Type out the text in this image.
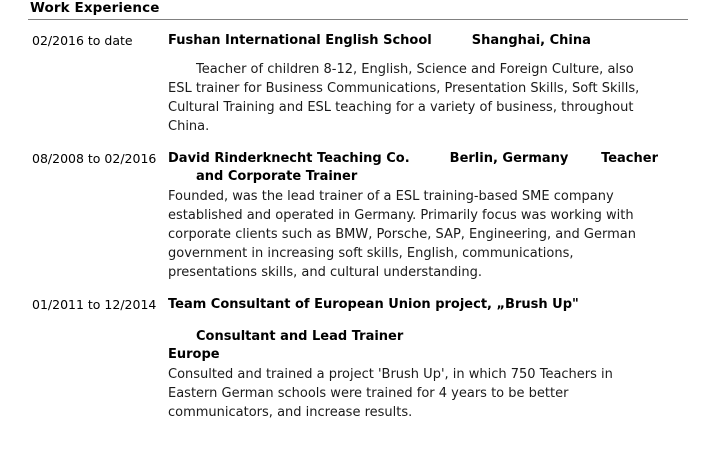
Work Experience
02/2016 to date	Fushan International English School	Shanghai, China
Teacher of children 8-12, English, Science and Foreign Culture, also ESL trainer for Business Communications, Presentation Skills, Soft Skills, Cultural Training and ESL teaching for a variety of business, throughout China.
08/2008 to 02/2016 David Rinderknecht Teaching Co.	Berlin, Germany	Teacher
and Corporate Trainer
Founded, was the lead trainer of a ESL training-based SME company established and operated in Germany. Primarily focus was working with corporate clients such as BMW, Porsche, SAP, Engineering, and German government in increasing soft skills, English, communications, presentations skills, and cultural understanding.
01/2011 to 12/2014 Team Consultant of European Union project, „Brush Up"
Consultant and Lead Trainer
Europe
Consulted and trained a project 'Brush Up', in which 750 Teachers in Eastern German schools were trained for 4 years to be better communicators, and increase results.
